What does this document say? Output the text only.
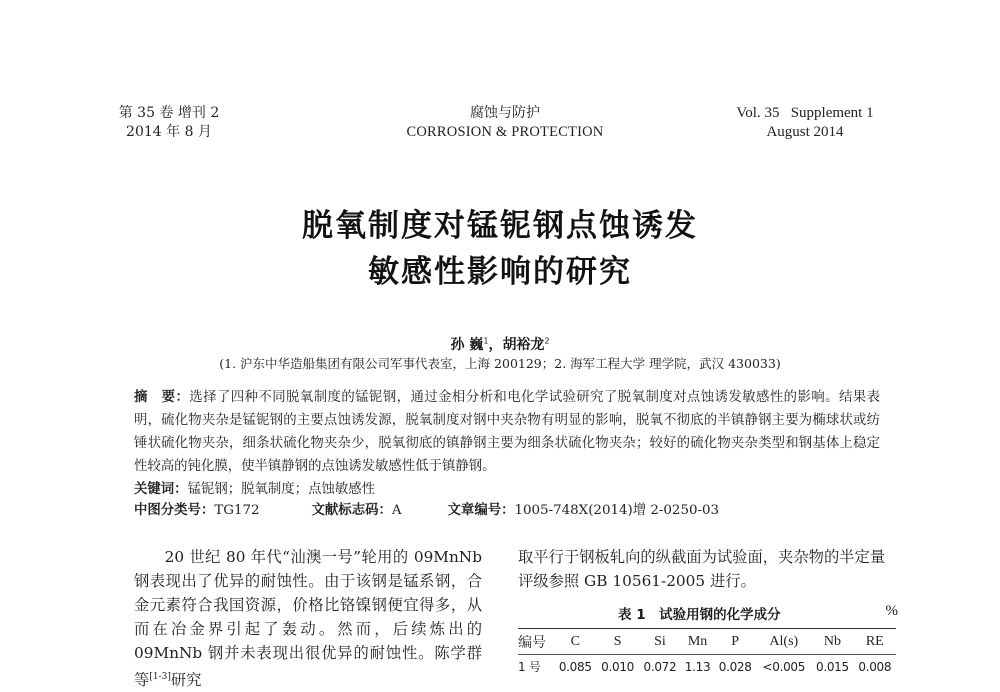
第 35 卷 增刊 2
2014 年 8 月
腐蚀与防护
CORROSION & PROTECTION
Vol. 35   Supplement 1
August 2014
脱氧制度对锰铌钢点蚀诱发
敏感性影响的研究
孙 巍$^1$，胡裕龙$^2$
(1. 沪东中华造船集团有限公司军事代表室，上海 200129；2. 海军工程大学 理学院，武汉 430033)
摘　要：选择了四种不同脱氧制度的锰铌钢，通过金相分析和电化学试验研究了脱氧制度对点蚀诱发敏感性的影响。结果表明，硫化物夹杂是锰铌钢的主要点蚀诱发源，脱氧制度对钢中夹杂物有明显的影响，脱氧不彻底的半镇静钢主要为椭球状或纺锤状硫化物夹杂，细条状硫化物夹杂少，脱氧彻底的镇静钢主要为细条状硫化物夹杂；较好的硫化物夹杂类型和钢基体上稳定性较高的钝化膜，使半镇静钢的点蚀诱发敏感性低于镇静钢。
关键词：锰铌钢；脱氧制度；点蚀敏感性
中图分类号：TG172	文献标志码：A	文章编号：1005-748X(2014)增 2-0250-03

20 世纪 80 年代“汕澳一号”轮用的 09MnNb 钢表现出了优异的耐蚀性。由于该钢是锰系钢，合金元素符合我国资源，价格比铬镍钢便宜得多，从而在冶金界引起了轰动。然而，后续炼出的 09MnNb 钢并未表现出很优异的耐蚀性。陈学群等[1-3]研究

取平行于钢板轧向的纵截面为试验面，夹杂物的半定量评级参照 GB 10561-2005 进行。

表 1　试验用钢的化学成分	%
编号	C	S	Si	Mn	P	Al(s)	Nb	RE
1 号	0.085	0.010	0.072	1.13	0.028	<0.005	0.015	0.008
